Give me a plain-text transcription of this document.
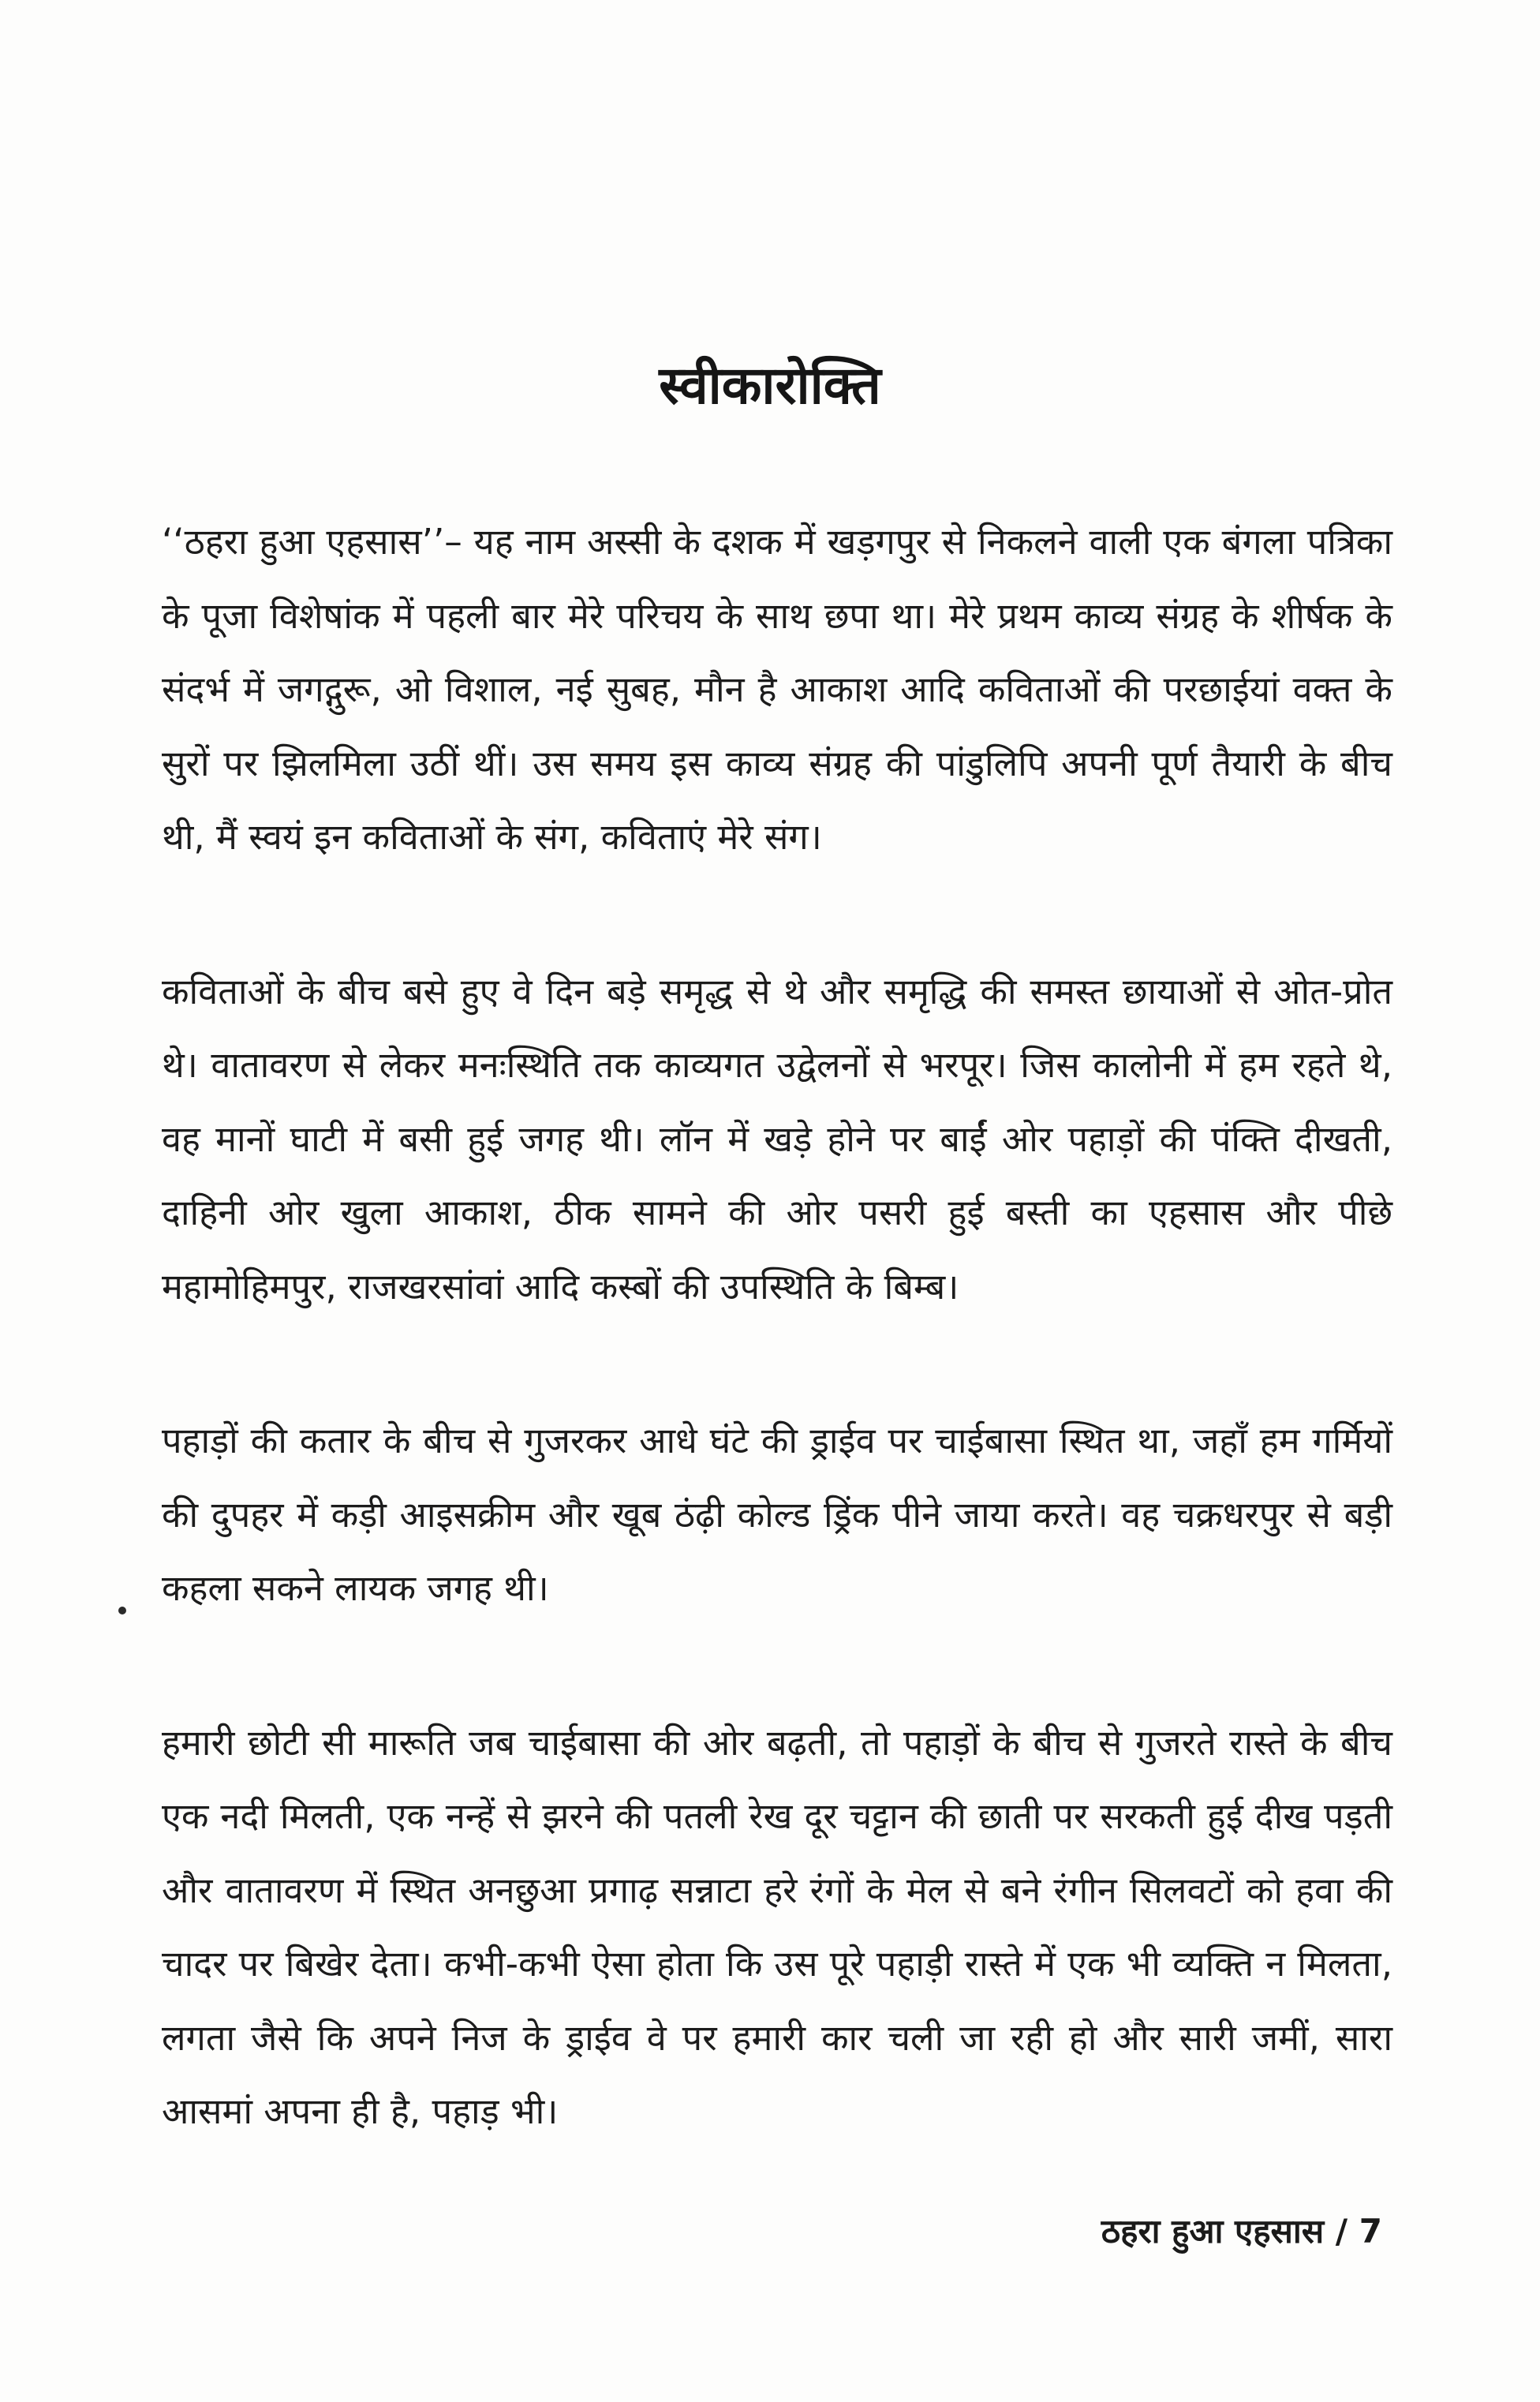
स्वीकारोक्ति

‘‘ठहरा हुआ एहसास’’– यह नाम अस्सी के दशक में खड़गपुर से निकलने वाली एक बंगला पत्रिका के पूजा विशेषांक में पहली बार मेरे परिचय के साथ छपा था। मेरे प्रथम काव्य संग्रह के शीर्षक के संदर्भ में जगद्गुरू, ओ विशाल, नई सुबह, मौन है आकाश आदि कविताओं की परछाईयां वक्त के सुरों पर झिलमिला उठीं थीं। उस समय इस काव्य संग्रह की पांडुलिपि अपनी पूर्ण तैयारी के बीच थी, मैं स्वयं इन कविताओं के संग, कविताएं मेरे संग।

कविताओं के बीच बसे हुए वे दिन बड़े समृद्ध से थे और समृद्धि की समस्त छायाओं से ओत-प्रोत थे। वातावरण से लेकर मनःस्थिति तक काव्यगत उद्वेलनों से भरपूर। जिस कालोनी में हम रहते थे, वह मानों घाटी में बसी हुई जगह थी। लॉन में खड़े होने पर बाईं ओर पहाड़ों की पंक्ति दीखती, दाहिनी ओर खुला आकाश, ठीक सामने की ओर पसरी हुई बस्ती का एहसास और पीछे महामोहिमपुर, राजखरसांवां आदि कस्बों की उपस्थिति के बिम्ब।

पहाड़ों की कतार के बीच से गुजरकर आधे घंटे की ड्राईव पर चाईबासा स्थित था, जहाँ हम गर्मियों की दुपहर में कड़ी आइसक्रीम और खूब ठंढ़ी कोल्ड ड्रिंक पीने जाया करते। वह चक्रधरपुर से बड़ी कहला सकने लायक जगह थी।

हमारी छोटी सी मारूति जब चाईबासा की ओर बढ़ती, तो पहाड़ों के बीच से गुजरते रास्ते के बीच एक नदी मिलती, एक नन्हें से झरने की पतली रेख दूर चट्टान की छाती पर सरकती हुई दीख पड़ती और वातावरण में स्थित अनछुआ प्रगाढ़ सन्नाटा हरे रंगों के मेल से बने रंगीन सिलवटों को हवा की चादर पर बिखेर देता। कभी-कभी ऐसा होता कि उस पूरे पहाड़ी रास्ते में एक भी व्यक्ति न मिलता, लगता जैसे कि अपने निज के ड्राईव वे पर हमारी कार चली जा रही हो और सारी जमीं, सारा आसमां अपना ही है, पहाड़ भी।

ठहरा हुआ एहसास / 7
